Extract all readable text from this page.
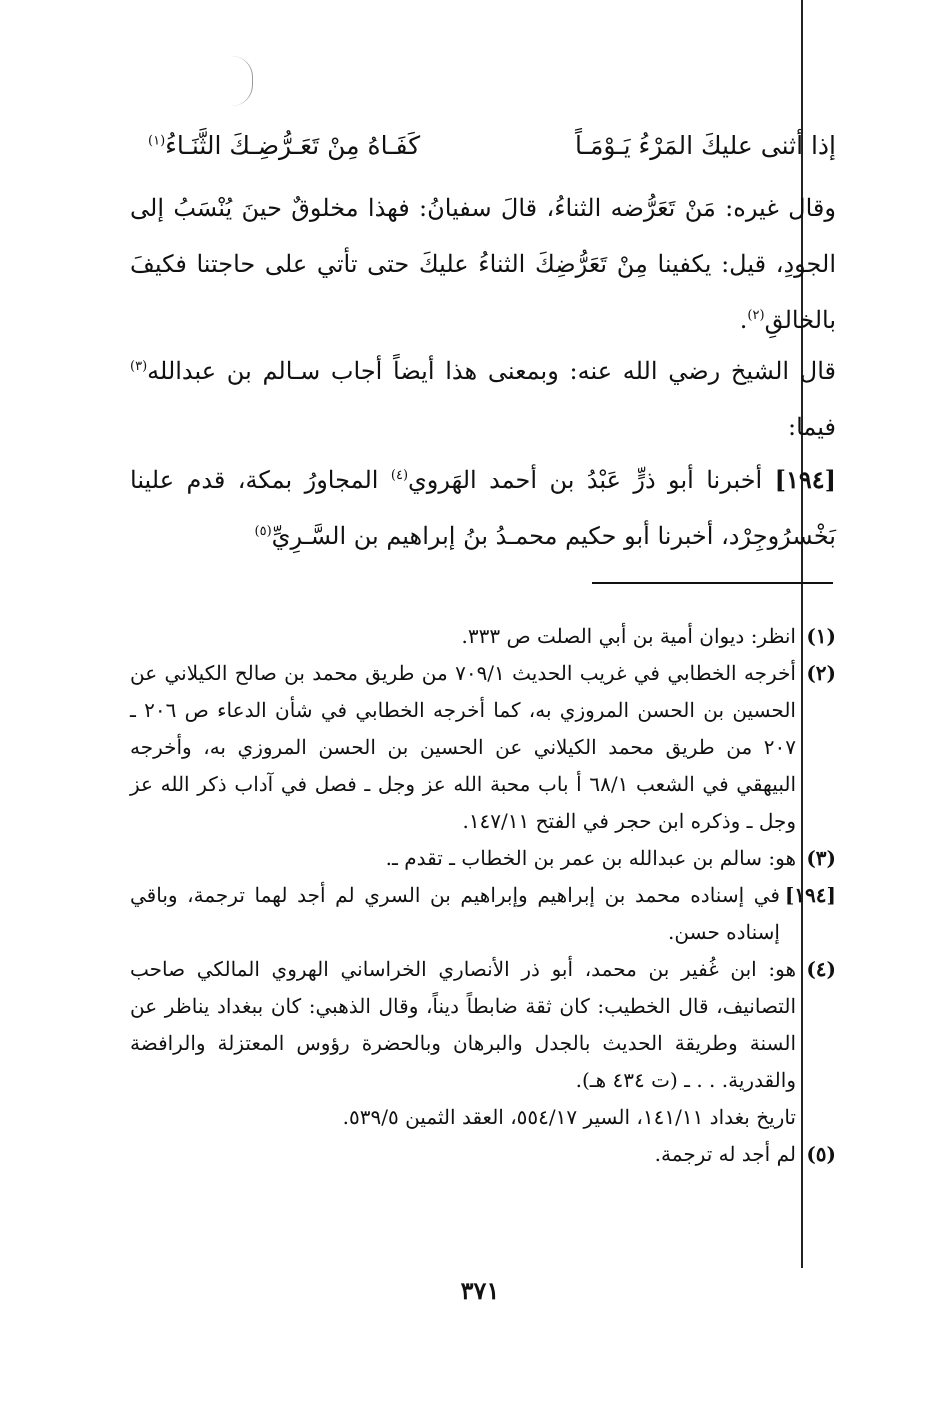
إذا أثنى عليكَ المَرْءُ يَـوْمَـاً
كَفَـاهُ مِنْ تَعَـرُّضِـكَ الثَّنَـاءُ$^{(١)}$
وقال غيره: مَنْ تَعَرُّضه الثناءُ، قالَ سفيانُ: فهذا مخلوقٌ حينَ يُنْسَبُ إلى الجودِ، قيل: يكفينا مِنْ تَعَرُّضِكَ الثناءُ عليكَ حتى تأتي على حاجتنا فكيفَ بالخالقِ$^{(٢)}$.
قال الشيخ رضي الله عنه: وبمعنى هذا أيضاً أجاب سـالم بن عبدالله$^{(٣)}$ فيما:
[١٩٤] أخبرنا أبو ذرٍّ عَبْدُ بن أحمد الهَروي$^{(٤)}$ المجاورُ بمكة، قدم علينا بَخْسرُوجِرْد، أخبرنا أبو حكيم محمـدُ بنُ إبراهيم بن السَّـرِيِّ$^{(٥)}$
(١)
انظر: ديوان أمية بن أبي الصلت ص ٣٣٣.
(٢)
أخرجه الخطابي في غريب الحديث ٧٠٩/١ من طريق محمد بن صالح الكيلاني عن الحسين بن الحسن المروزي به، كما أخرجه الخطابي في شأن الدعاء ص ٢٠٦ ـ ٢٠٧ من طريق محمد الكيلاني عن الحسين بن الحسن المروزي به، وأخرجه البيهقي في الشعب ٦٨/١ أ باب محبة الله عز وجل ـ فصل في آداب ذكر الله عز وجل ـ وذكره ابن حجر في الفتح ١٤٧/١١.
(٣)
هو: سالم بن عبدالله بن عمر بن الخطاب ـ تقدم ـ.
[١٩٤]
في إسناده محمد بن إبراهيم وإبراهيم بن السري لم أجد لهما ترجمة، وباقي إسناده حسن.
(٤)
هو: ابن غُفير بن محمد، أبو ذر الأنصاري الخراساني الهروي المالكي صاحب التصانيف، قال الخطيب: كان ثقة ضابطاً ديناً، وقال الذهبي: كان ببغداد يناظر عن السنة وطريقة الحديث بالجدل والبرهان وبالحضرة رؤوس المعتزلة والرافضة والقدرية. . . ـ (ت ٤٣٤ هـ).
تاريخ بغداد ١٤١/١١، السير ٥٥٤/١٧، العقد الثمين ٥٣٩/٥.
(٥)
لم أجد له ترجمة.
٣٧١
